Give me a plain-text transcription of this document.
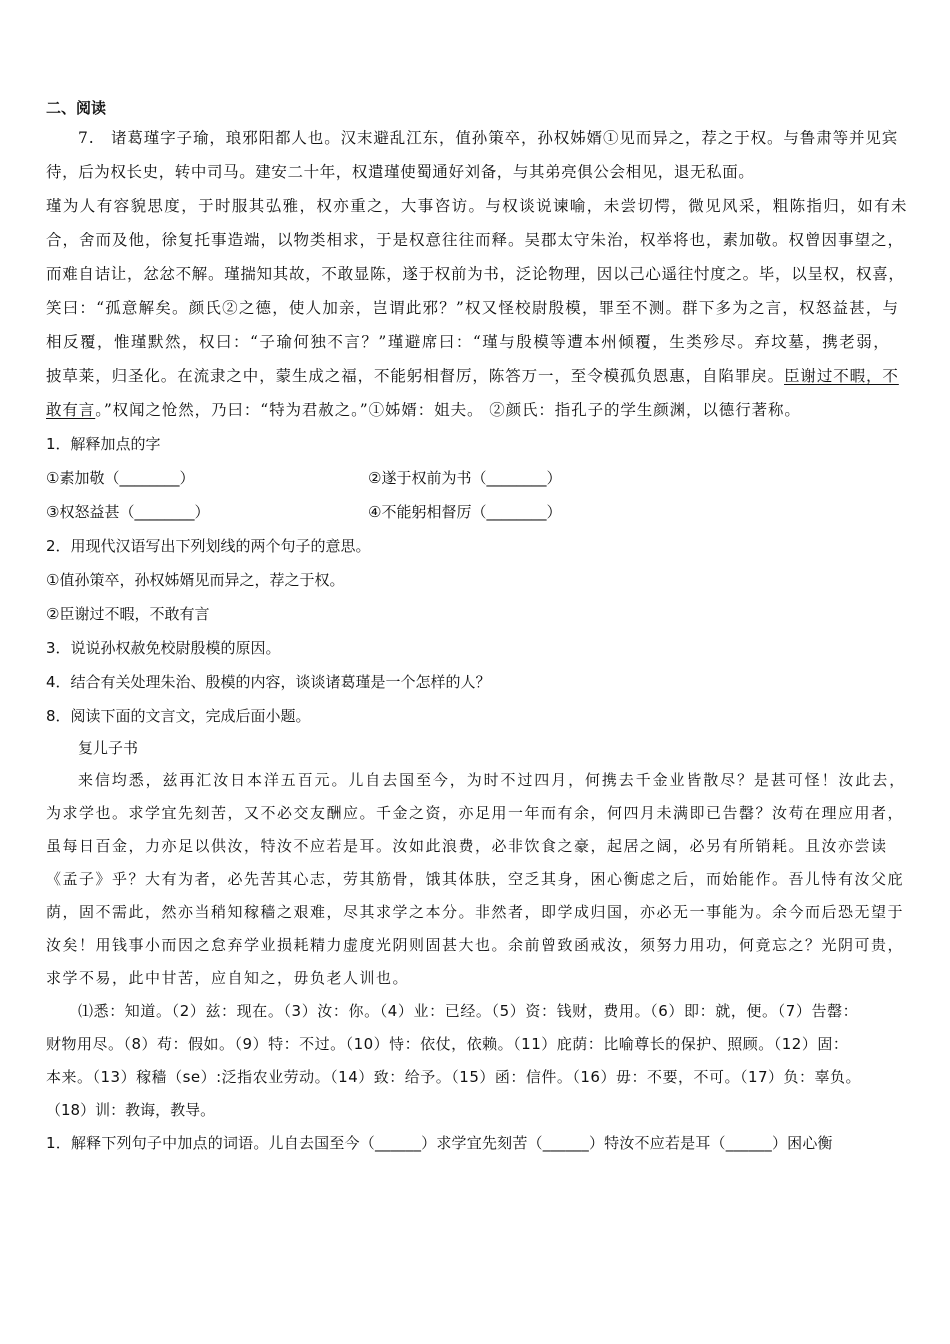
二、阅读
7.　诸葛瑾字子瑜，琅邪阳都人也。汉末避乱江东，值孙策卒，孙权姊婿①见而异之，荐之于权。与鲁肃等并见宾
待，后为权长史，转中司马。建安二十年，权遣瑾使蜀通好刘备，与其弟亮俱公会相见，退无私面。
瑾为人有容貌思度，于时服其弘雅，权亦重之，大事咨访。与权谈说谏喻，未尝切愕，微见风采，粗陈指归，如有未
合，舍而及他，徐复托事造端，以物类相求，于是权意往往而释。吴郡太守朱治，权举将也，素加敬。权曾因事望之，
而难自诘让，忿忿不解。瑾揣知其故，不敢显陈，遂于权前为书，泛论物理，因以己心遥往忖度之。毕，以呈权，权喜，
笑曰：“孤意解矣。颜氏②之德，使人加亲，岂谓此邪？”权又怪校尉殷模，罪至不测。群下多为之言，权怒益甚，与
相反覆，惟瑾默然，权曰：“子瑜何独不言？”瑾避席曰：“瑾与殷模等遭本州倾覆，生类殄尽。弃坟墓，携老弱，
披草莱，归圣化。在流隶之中，蒙生成之福，不能躬相督厉，陈答万一，至令模孤负恩惠，自陷罪戾。臣谢过不暇，不
敢有言。”权闻之怆然，乃曰：“特为君赦之。”①姊婿：姐夫。 ②颜氏：指孔子的学生颜渊，以德行著称。
1．解释加点的字
①素加敬（________）	②遂于权前为书（________）
③权怒益甚（________）	④不能躬相督厉（________）
2．用现代汉语写出下列划线的两个句子的意思。
①值孙策卒，孙权姊婿见而异之，荐之于权。
②臣谢过不暇，不敢有言
3．说说孙权赦免校尉殷模的原因。
4．结合有关处理朱治、殷模的内容，谈谈诸葛瑾是一个怎样的人？
8．阅读下面的文言文，完成后面小题。
复儿子书
来信均悉，兹再汇汝日本洋五百元。儿自去国至今，为时不过四月，何携去千金业皆散尽？是甚可怪！汝此去，
为求学也。求学宜先刻苦，又不必交友酬应。千金之资，亦足用一年而有余，何四月未满即已告罄？汝苟在理应用者，
虽每日百金，力亦足以供汝，特汝不应若是耳。汝如此浪费，必非饮食之豪，起居之阔，必另有所销耗。且汝亦尝读
《孟子》乎？大有为者，必先苦其心志，劳其筋骨，饿其体肤，空乏其身，困心衡虑之后，而始能作。吾儿恃有汝父庇
荫，固不需此，然亦当稍知稼穑之艰难，尽其求学之本分。非然者，即学成归国，亦必无一事能为。余今而后恐无望于
汝矣！用钱事小而因之怠弃学业损耗精力虚度光阴则固甚大也。余前曾致函戒汝，须努力用功，何竟忘之？光阴可贵，
求学不易，此中甘苦，应自知之，毋负老人训也。
⑴悉：知道。（2）兹：现在。（3）汝：你。（4）业：已经。（5）资：钱财，费用。（6）即：就，便。（7）告罄：
财物用尽。（8）苟：假如。（9）特：不过。（10）恃：依仗，依赖。（11）庇荫：比喻尊长的保护、照顾。（12）固：
本来。（13）稼穑（se）:泛指农业劳动。（14）致：给予。（15）函：信件。（16）毋：不要，不可。（17）负：辜负。
（18）训：教诲，教导。
1．解释下列句子中加点的词语。儿自去国至今（______）求学宜先刻苦（______）特汝不应若是耳（______）困心衡
